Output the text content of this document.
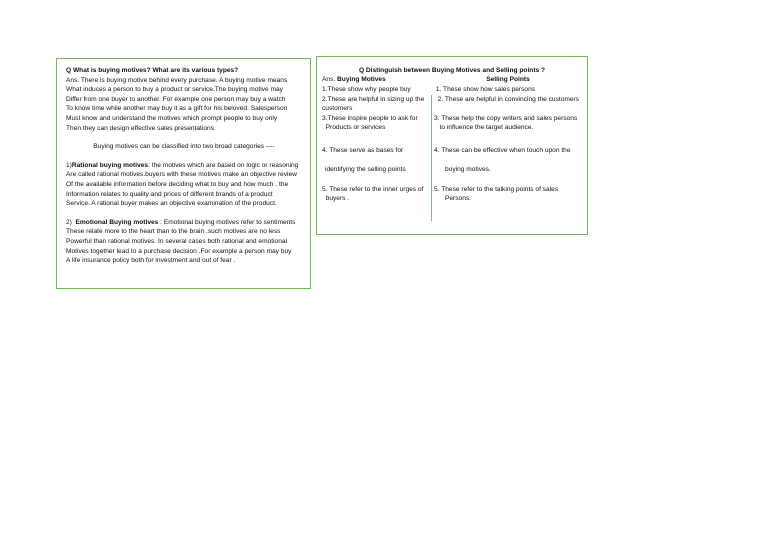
Q What is buying motives? What are its various types?
Ans. There is buying motive behind every purchase. A buying motive means
What induces a person to buy a product or service.The buying motive may
Differ from one buyer to another. For example one person may buy a watch
To know time while another may buy it as a gift for his beloved. Salesperson
Must know and understand the motives which prompt people to buy only
Then they can design effective sales presentations.
Buying motives can be classified into two broad categories ----
1)Rational buying motives: the motives which are based on logic or reasoning
Are called rational motives.buyers with these motives make an objective review
Of the available information before deciding what to buy and how much . the
Information relates to quality and prices of different brands of a product
Service. A rational buyer makes an objective examination of the product.
2)  Emotional Buying motives : Emotional buying motives refer to sentiments
These relate more to the heart than to the brain .such motives are no less
Powerful than rational motives. In several cases both rational and emotional
Motives together lead to a purchase decision .For example a person may buy
A life insurance policy both for investment and out of fear .
Q Distinguish between Buying Motives and Selling points ?
Ans. Buying Motives
1.These show why people buy
2.These are helpful in sizing up the
customers
3.These inspire people to ask for
Products or services
4. These serve as bases for
identifying the selling points
5. These refer to the inner urges of
buyers .
Selling Points
1. These show how sales persons
2. These are helpful in convincing the customers
3. These help the copy writers and sales persons
to influence the target audience.
4. These can be effective when touch upon the
buying motives.
5. These refer to the talking points of sales
Persons.
